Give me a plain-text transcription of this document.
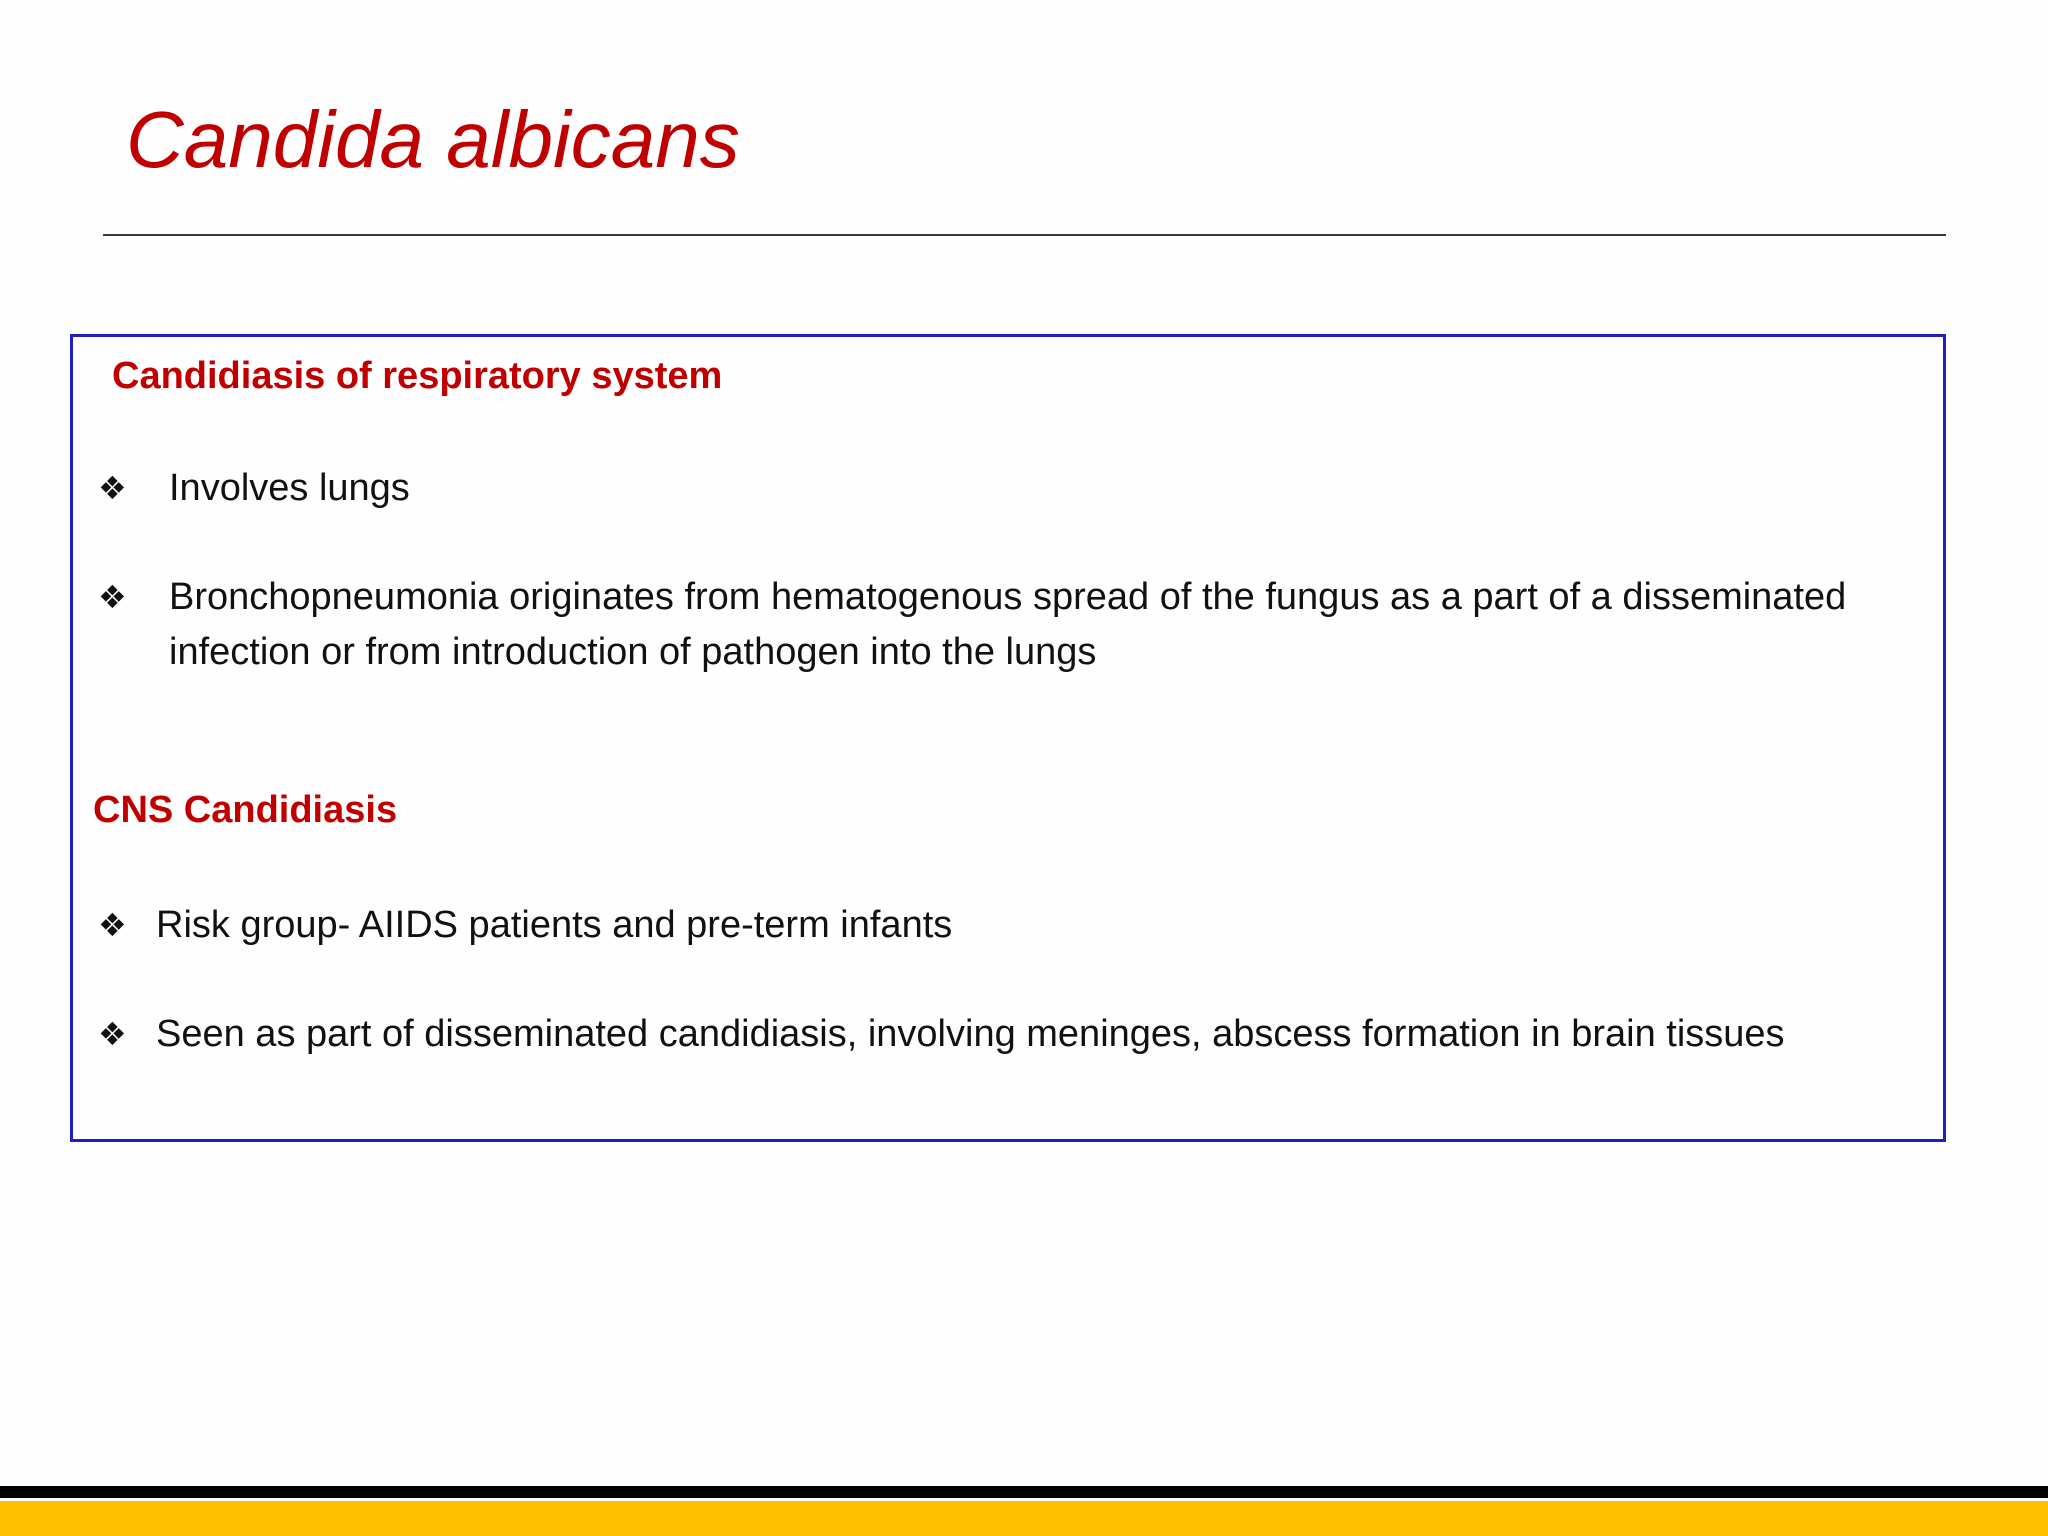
Candida albicans
Candidiasis of respiratory system
❖ Involves lungs
❖ Bronchopneumonia originates from hematogenous spread of the fungus as a part of a disseminated infection or from introduction of pathogen into the lungs
CNS Candidiasis
❖ Risk group- AIIDS patients and pre-term infants
❖ Seen as part of disseminated candidiasis, involving meninges, abscess formation in brain tissues
